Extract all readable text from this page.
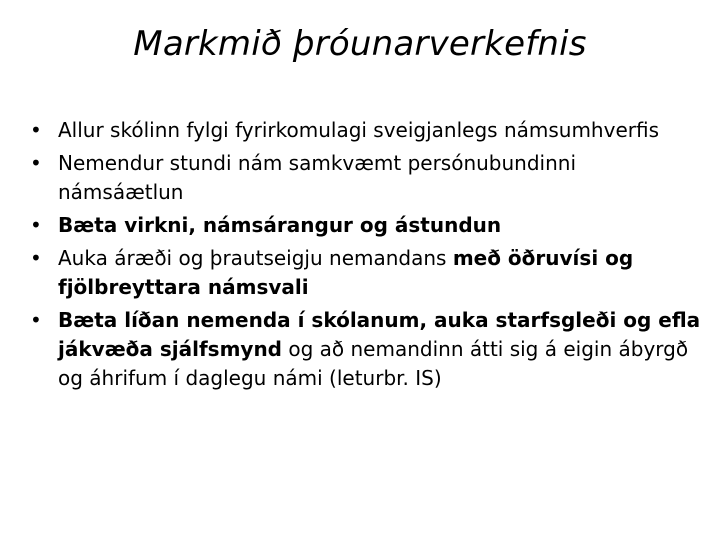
Markmið þróunarverkefnis
• Allur skólinn fylgi fyrirkomulagi sveigjanlegs námsumhverfis
• Nemendur stundi nám samkvæmt persónubundinni námsáætlun
• Bæta virkni, námsárangur og ástundun
• Auka áræði og þrautseigju nemandans með öðruvísi og fjölbreyttara námsvali
• Bæta líðan nemenda í skólanum, auka starfsgleði og efla jákvæða sjálfsmynd og að nemandinn átti sig á eigin ábyrgð og áhrifum í daglegu námi (leturbr. IS)
